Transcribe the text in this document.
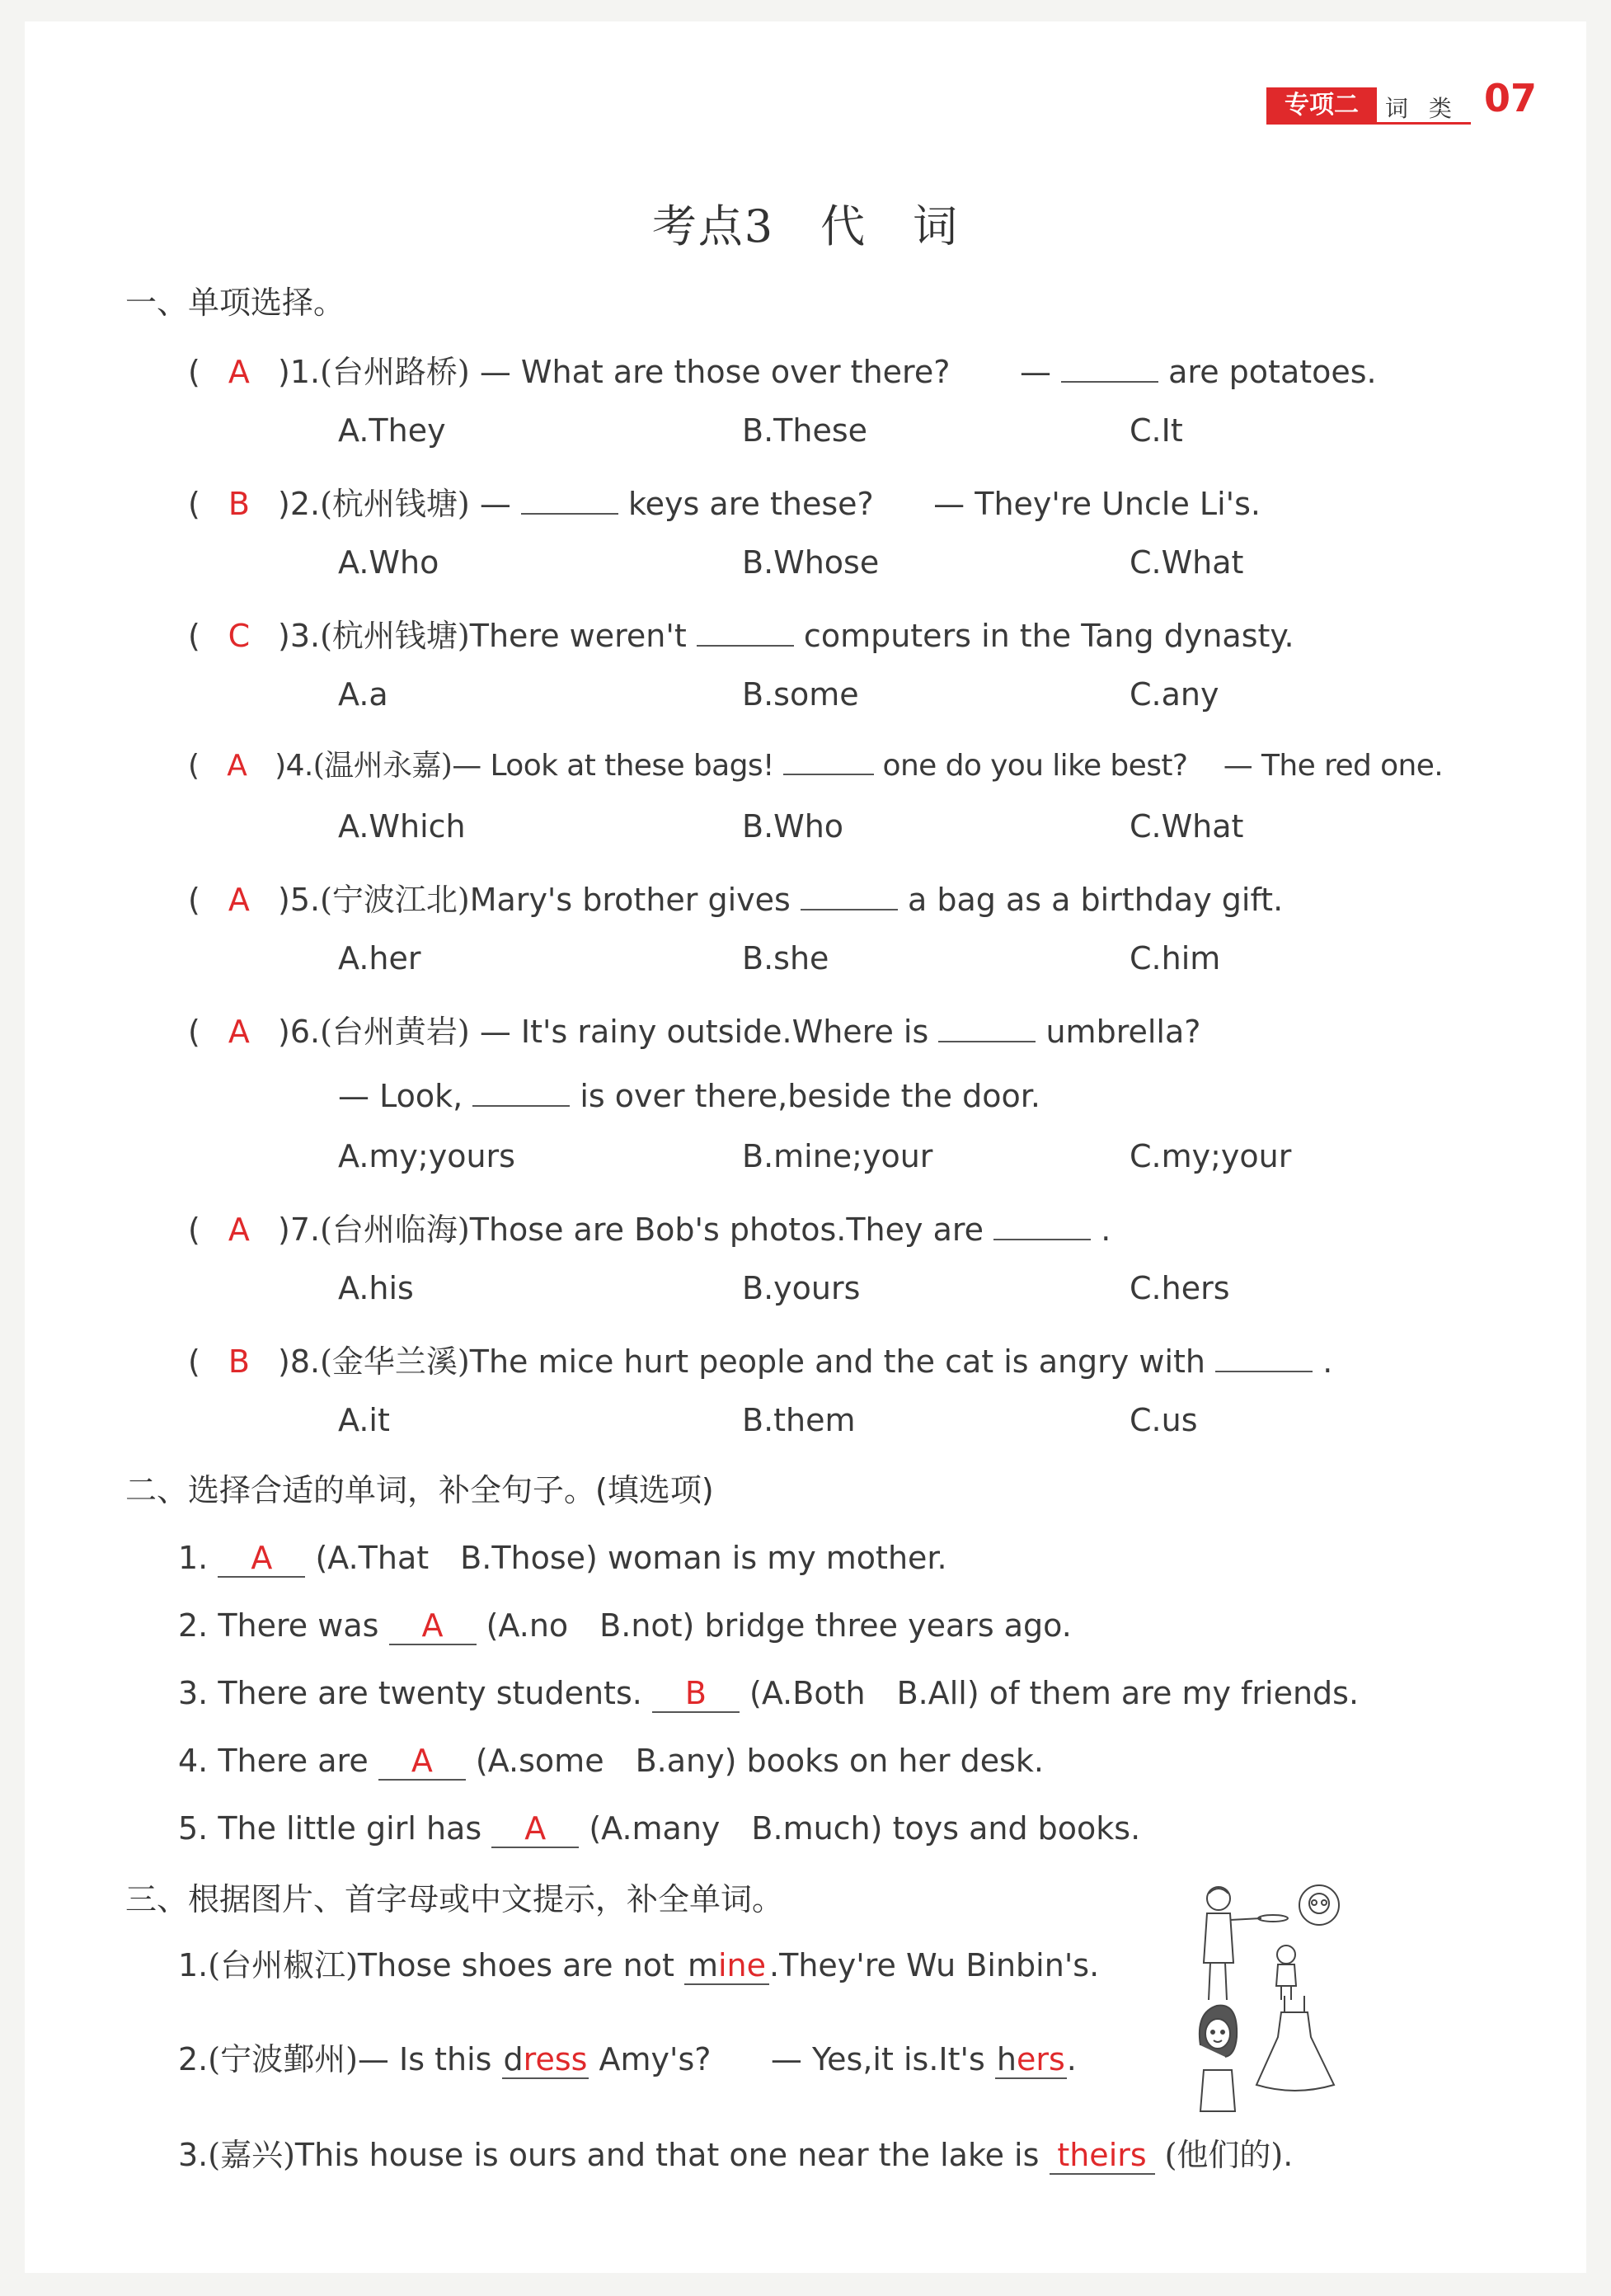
专项二	词 类 07
考点3　代　词
一、单项选择。
( A )1.(台州路桥) — What are those over there? —	are potatoes.
A.They	B.These	C.It
( B )2.(杭州钱塘) —	keys are these? — They're Uncle Li's.
A.Who	B.Whose	C.What
( C )3.(杭州钱塘)There weren't	computers in the Tang dynasty.
A.a	B.some	C.any
( A )4.(温州永嘉)— Look at these bags!	one do you like best? — The red one.
A.Which	B.Who	C.What
( A )5.(宁波江北)Mary's brother gives	a bag as a birthday gift.
A.her	B.she	C.him
( A )6.(台州黄岩) — It's rainy outside.Where is	umbrella?
— Look,	is over there,beside the door.
A.my;yours	B.mine;your	C.my;your
( A )7.(台州临海)Those are Bob's photos.They are	.
A.his	B.yours	C.hers
( B )8.(金华兰溪)The mice hurt people and the cat is angry with	.
A.it	B.them	C.us
二、选择合适的单词，补全句子。(填选项)
1. A (A.That　B.Those) woman is my mother.
2. There was A (A.no　B.not) bridge three years ago.
3. There are twenty students. B (A.Both　B.All) of them are my friends.
4. There are A (A.some　B.any) books on her desk.
5. The little girl has A (A.many　B.much) toys and books.
三、根据图片、首字母或中文提示，补全单词。
1.(台州椒江)Those shoes are not mine .They're Wu Binbin's.
2.(宁波鄞州)— Is this dress Amy's? — Yes,it is.It's hers.
3.(嘉兴)This house is ours and that one near the lake is theirs (他们的).
